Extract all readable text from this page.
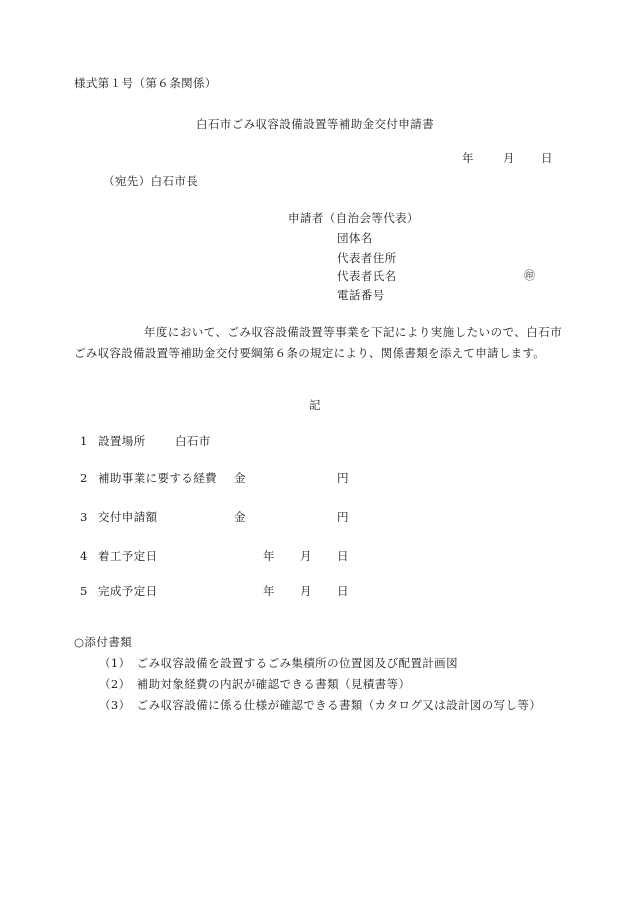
様式第１号（第６条関係）
白石市ごみ収容設備設置等補助金交付申請書
年	月 日
（宛先）白石市長
申請者（自治会等代表）
団体名
代表者住所
代表者氏名	㊞
電話番号
　　年度において、ごみ収容設備設置等事業を下記により実施したいので、白石市ごみ収容設備設置等補助金交付要綱第６条の規定により、関係書類を添えて申請します。
記
1 設置場所	白石市
2 補助事業に要する経費 金	円
3 交付申請額	金	円
4 着工予定日	年 月 日
5 完成予定日	年 月 日
○添付書類
（1）　ごみ収容設備を設置するごみ集積所の位置図及び配置計画図
（2）　補助対象経費の内訳が確認できる書類（見積書等）
（3）　ごみ収容設備に係る仕様が確認できる書類（カタログ又は設計図の写し等）
